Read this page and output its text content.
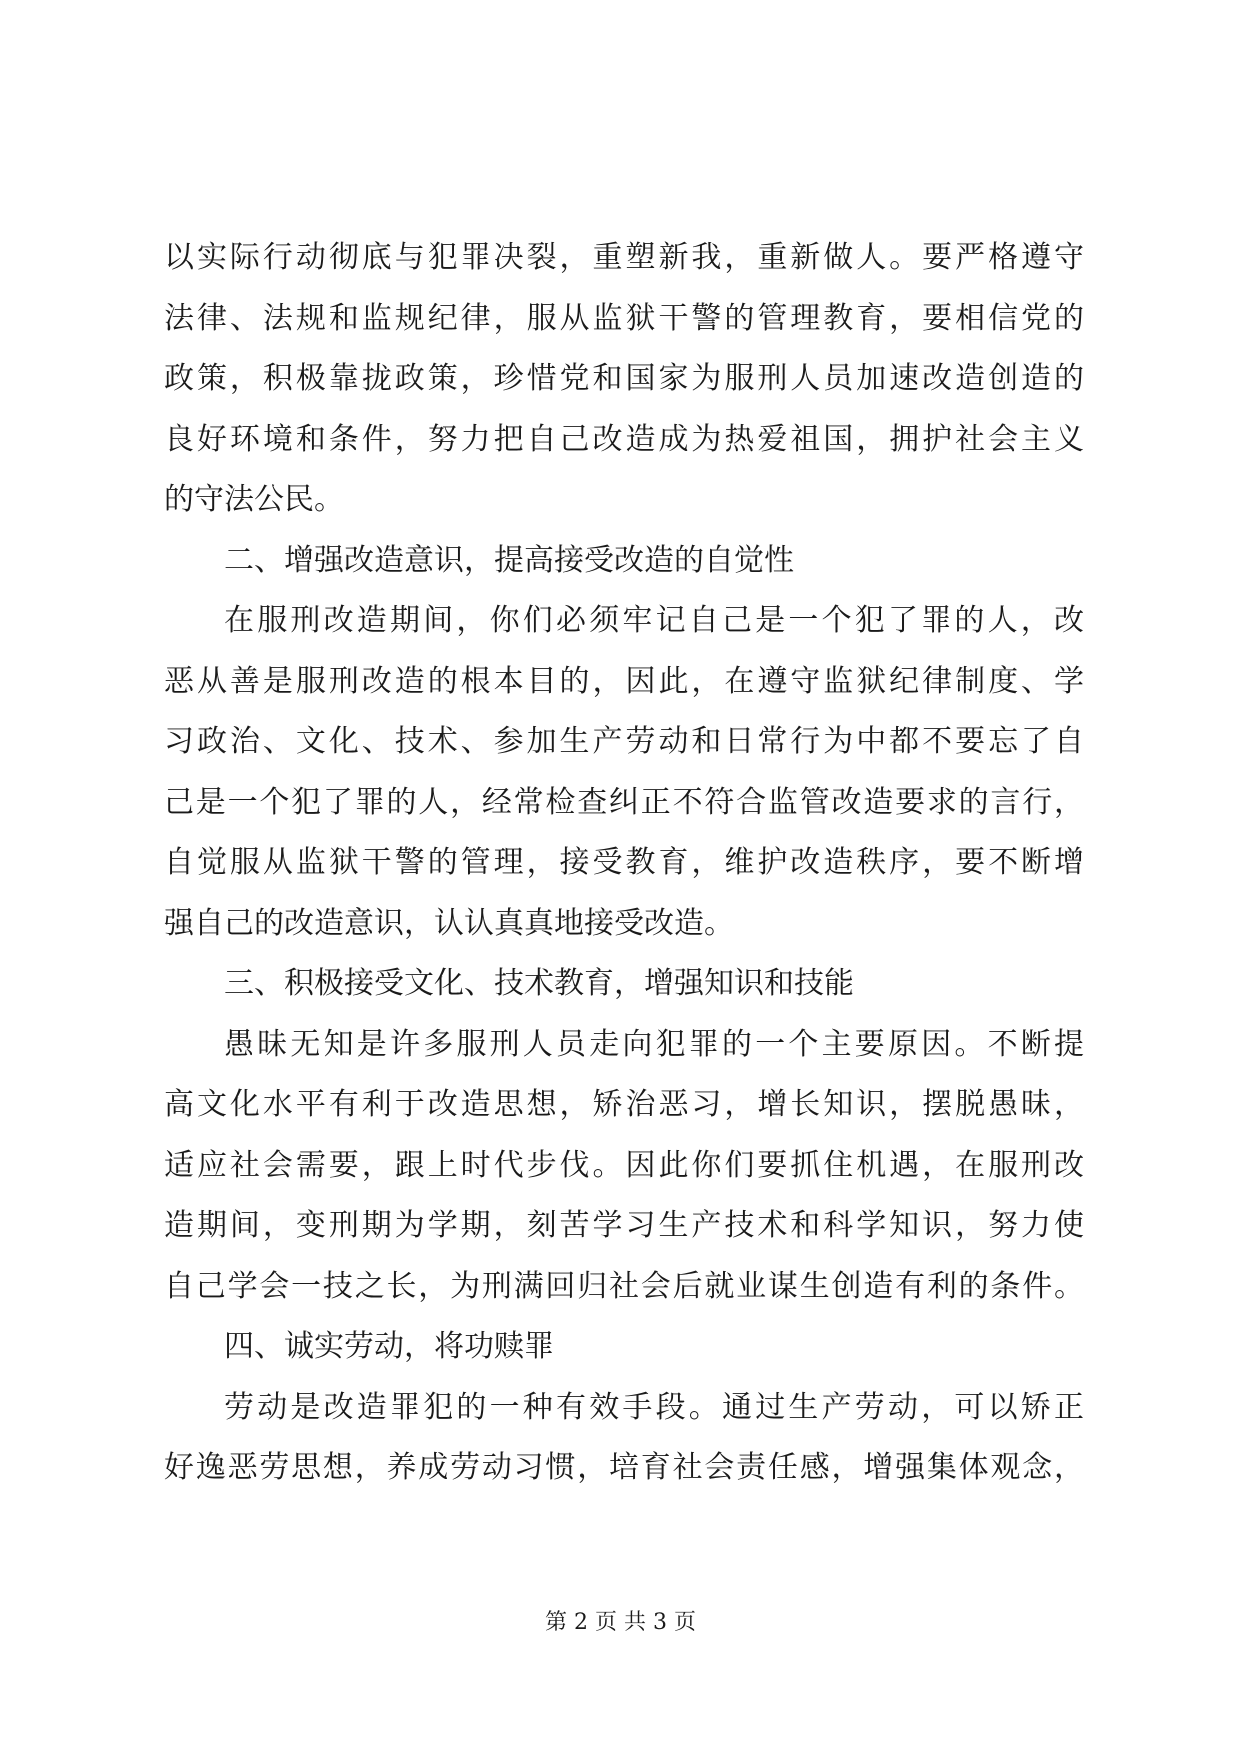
以实际行动彻底与犯罪决裂，重塑新我，重新做人。要严格遵守
法律、法规和监规纪律，服从监狱干警的管理教育，要相信党的
政策，积极靠拢政策，珍惜党和国家为服刑人员加速改造创造的
良好环境和条件，努力把自己改造成为热爱祖国，拥护社会主义
的守法公民。
二、增强改造意识，提高接受改造的自觉性
在服刑改造期间，你们必须牢记自己是一个犯了罪的人，改
恶从善是服刑改造的根本目的，因此，在遵守监狱纪律制度、学
习政治、文化、技术、参加生产劳动和日常行为中都不要忘了自
己是一个犯了罪的人，经常检查纠正不符合监管改造要求的言行，
自觉服从监狱干警的管理，接受教育，维护改造秩序，要不断增
强自己的改造意识，认认真真地接受改造。
三、积极接受文化、技术教育，增强知识和技能
愚昧无知是许多服刑人员走向犯罪的一个主要原因。不断提
高文化水平有利于改造思想，矫治恶习，增长知识，摆脱愚昧，
适应社会需要，跟上时代步伐。因此你们要抓住机遇，在服刑改
造期间，变刑期为学期，刻苦学习生产技术和科学知识，努力使
自己学会一技之长，为刑满回归社会后就业谋生创造有利的条件。
四、诚实劳动，将功赎罪
劳动是改造罪犯的一种有效手段。通过生产劳动，可以矫正
好逸恶劳思想，养成劳动习惯，培育社会责任感，增强集体观念，
第 2 页 共 3 页
